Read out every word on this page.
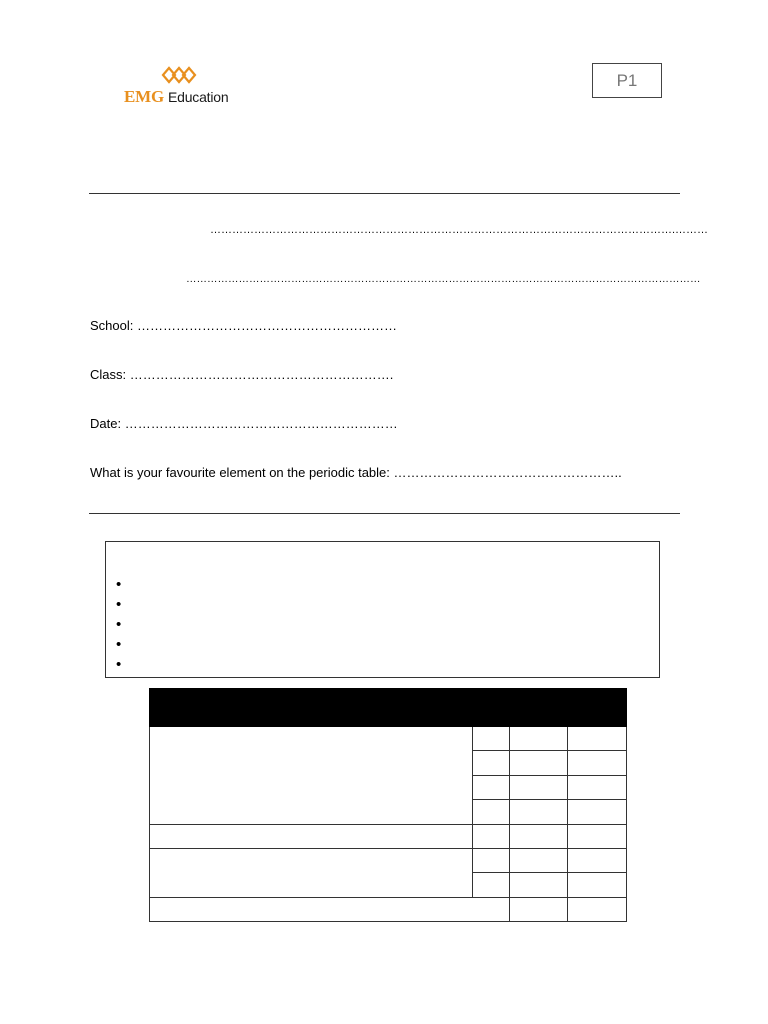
EMG Education
P1
……………………………………………………………………………………………………………….………
…………………………………………………………………………………………………………………………………
School: ……………………………………………………
Class: …………………………………………………….
Date: ………………………………………………………
What is your favourite element on the periodic table: ……………………………………………..
•
•
•
•
•
